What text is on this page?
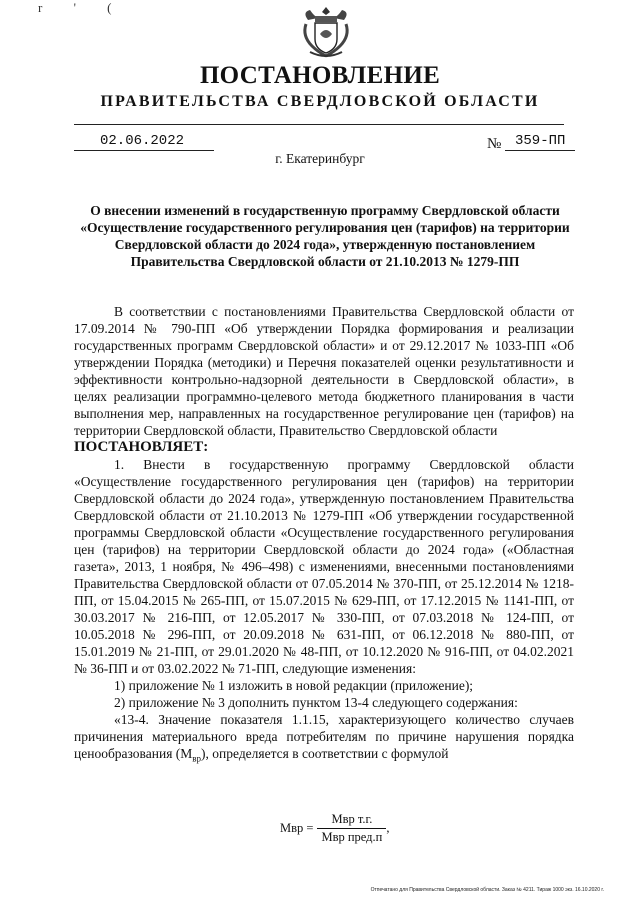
r ' (
ПОСТАНОВЛЕНИЕ
ПРАВИТЕЛЬСТВА СВЕРДЛОВСКОЙ ОБЛАСТИ
02.06.2022	№ 359-ПП
г. Екатеринбург
О внесении изменений в государственную программу Свердловской области «Осуществление государственного регулирования цен (тарифов) на территории Свердловской области до 2024 года», утвержденную постановлением Правительства Свердловской области от 21.10.2013 № 1279-ПП

В соответствии с постановлениями Правительства Свердловской области от 17.09.2014 № 790-ПП «Об утверждении Порядка формирования и реализации государственных программ Свердловской области» и от 29.12.2017 № 1033-ПП «Об утверждении Порядка (методики) и Перечня показателей оценки результативности и эффективности контрольно-надзорной деятельности в Свердловской области», в целях реализации программно-целевого метода бюджетного планирования в части выполнения мер, направленных на государственное регулирование цен (тарифов) на территории Свердловской области, Правительство Свердловской области

ПОСТАНОВЛЯЕТ:

1. Внести в государственную программу Свердловской области «Осуществление государственного регулирования цен (тарифов) на территории Свердловской области до 2024 года», утвержденную постановлением Правительства Свердловской области от 21.10.2013 № 1279-ПП «Об утверждении государственной программы Свердловской области «Осуществление государственного регулирования цен (тарифов) на территории Свердловской области до 2024 года» («Областная газета», 2013, 1 ноября, № 496–498) с изменениями, внесенными постановлениями Правительства Свердловской области от 07.05.2014 № 370-ПП, от 25.12.2014 № 1218-ПП, от 15.04.2015 № 265-ПП, от 15.07.2015 № 629-ПП, от 17.12.2015 № 1141-ПП, от 30.03.2017 № 216-ПП, от 12.05.2017 № 330-ПП, от 07.03.2018 № 124-ПП, от 10.05.2018 № 296-ПП, от 20.09.2018 № 631-ПП, от 06.12.2018 № 880-ПП, от 15.01.2019 № 21-ПП, от 29.01.2020 № 48-ПП, от 10.12.2020 № 916-ПП, от 04.02.2021 № 36-ПП и от 03.02.2022 № 71-ПП, следующие изменения:

1) приложение № 1 изложить в новой редакции (приложение);

2) приложение № 3 дополнить пунктом 13-4 следующего содержания:

«13-4. Значение показателя 1.1.15, характеризующего количество случаев причинения материального вреда потребителям по причине нарушения порядка ценообразования $(М_{вр})$, определяется в соответствии с формулой

Мвр = $\frac{\text{Мвр т.г.}}{\text{Мвр пред.п}}$ ,
Отпечатано для Правительства Свердловской области. Заказ № 4211. Тираж 1000 экз. 16.10.2020 г.
